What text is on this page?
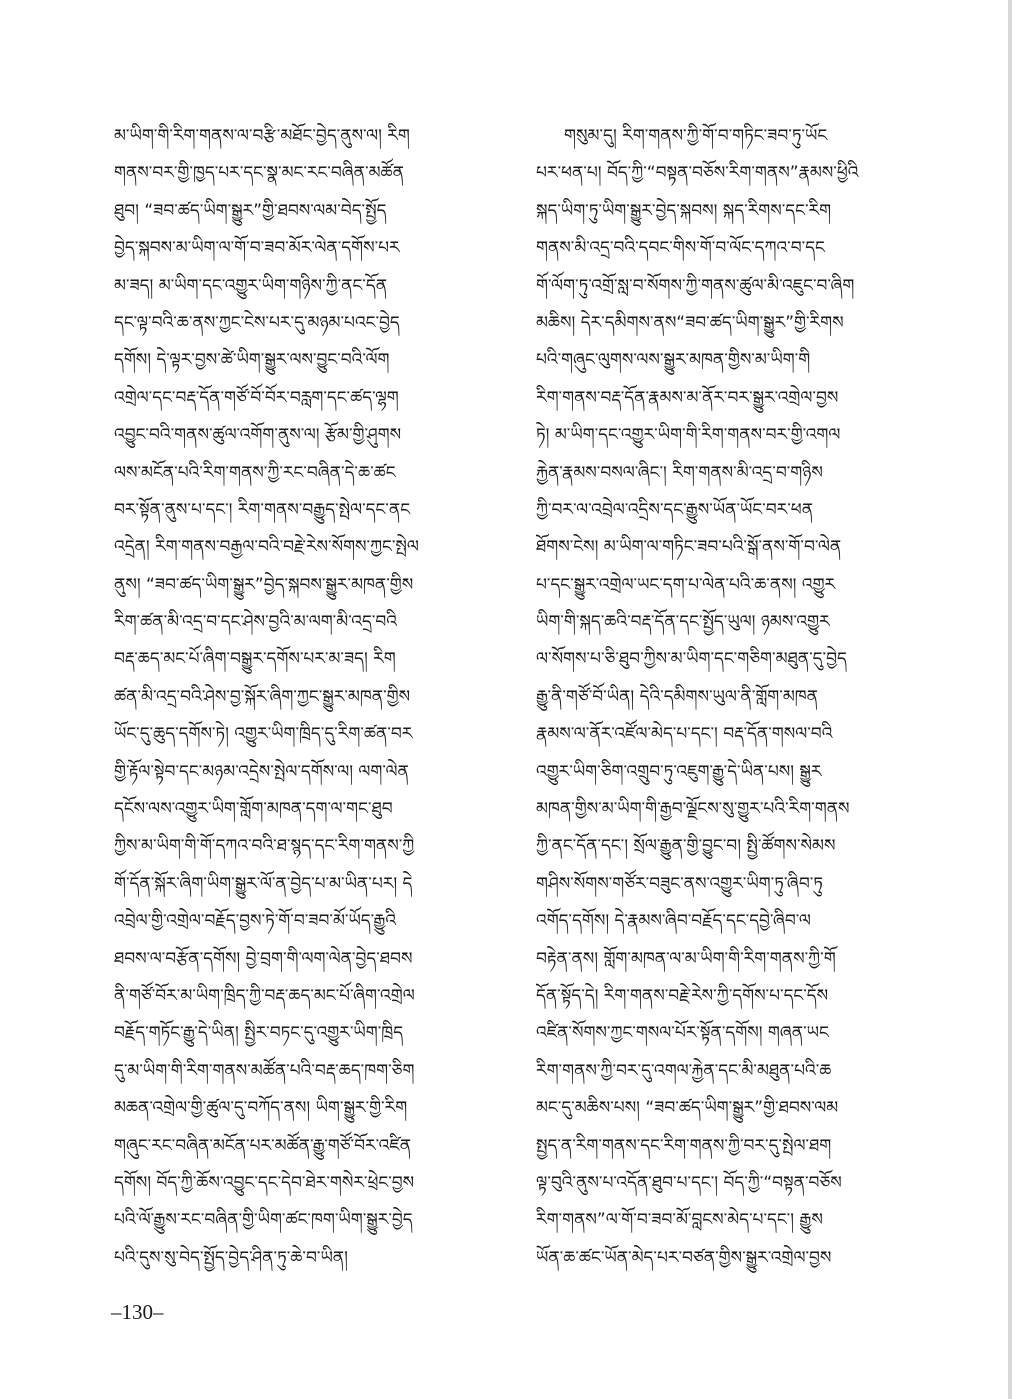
མ་ཡིག་གི་རིག་གནས་ལ་བརྩི་མཐོང་བྱེད་ནུས་ལ། རིག
གནས་བར་གྱི་ཁྱད་པར་དང་སྣ་མང་རང་བཞིན་མཚོན
ཐུབ། “ཟབ་ཚད་ཡིག་སྒྱུར”གྱི་ཐབས་ལམ་བེད་སྤྱོད
བྱེད་སྐབས་མ་ཡིག་ལ་གོ་བ་ཟབ་མོར་ལེན་དགོས་པར
མ་ཟད། མ་ཡིག་དང་འགྱུར་ཡིག་གཉིས་ཀྱི་ནང་དོན
དང་ལྟ་བའི་ཆ་ནས་ཀྱང་ངེས་པར་དུ་མཉམ་པའང་བྱེད
དགོས། དེ་ལྟར་བྱས་ཚེ་ཡིག་སྒྱུར་ལས་བྱུང་བའི་ལོག
འགྲེལ་དང་བརྡ་དོན་གཙོ་བོ་བོར་བརླག་དང་ཚད་ལྷག
འབྱུང་བའི་གནས་ཚུལ་འགོག་ནུས་ལ། རྩོམ་གྱི་ཤུགས
ལས་མངོན་པའི་རིག་གནས་ཀྱི་རང་བཞིན་དེ་ཆ་ཚང
བར་སྟོན་ནུས་པ་དང་། རིག་གནས་བརྒྱུད་སྤེལ་དང་ནང
འདྲེན། རིག་གནས་བརྒྱལ་བའི་བརྗེ་རེས་སོགས་ཀྱང་སྤེལ
ནུས། “ཟབ་ཚད་ཡིག་སྒྱུར”བྱེད་སྐབས་སྒྱུར་མཁན་གྱིས
རིག་ཚན་མི་འདྲ་བ་དང་ཤེས་བྱའི་མ་ལག་མི་འདྲ་བའི
བརྡ་ཆད་མང་པོ་ཞིག་བསྒྱུར་དགོས་པར་མ་ཟད། རིག
ཚན་མི་འདྲ་བའི་ཤེས་བྱ་སྐོར་ཞིག་ཀྱང་སྒྱུར་མཁན་གྱིས
ཡོང་དུ་ཆུད་དགོས་ཏེ། འགྱུར་ཡིག་ཁྲིད་དུ་རིག་ཚན་བར
གྱི་རྟོལ་སྟེབ་དང་མཉམ་འདྲེས་སྤེལ་དགོས་ལ། ལག་ལེན
དངོས་ལས་འགྱུར་ཡིག་གློག་མཁན་དག་ལ་གང་ཐུབ
ཀྱིས་མ་ཡིག་གི་གོ་དཀའ་བའི་ཐ་སྙད་དང་རིག་གནས་ཀྱི
གོ་དོན་སྐོར་ཞིག་ཡིག་སྒྱུར་ལོ་ན་བྱེད་པ་མ་ཡིན་པར། དེ
འབྲེལ་གྱི་འགྲེལ་བརྗོད་བྱས་ཏེ་གོ་བ་ཟབ་མོ་ཡོད་རྒྱུའི
ཐབས་ལ་བརྩོན་དགོས། བྱེ་བྲག་གི་ལག་ལེན་བྱེད་ཐབས
ནི་གཙོ་བོར་མ་ཡིག་ཁྲིད་ཀྱི་བརྡ་ཆད་མང་པོ་ཞིག་འགྲེལ
བརྗོད་གཏོང་རྒྱུ་དེ་ཡིན། སྤྱིར་བཏང་དུ་འགྱུར་ཡིག་ཁྲིད
དུ་མ་ཡིག་གི་རིག་གནས་མཚོན་པའི་བརྡ་ཆད་ཁག་ཅིག
མཆན་འགྲེལ་གྱི་ཚུལ་དུ་བཀོད་ནས། ཡིག་སྒྱུར་གྱི་རིག
གཞུང་རང་བཞིན་མངོན་པར་མཚོན་རྒྱུ་གཙོ་བོར་འཛིན
དགོས། བོད་ཀྱི་ཆོས་འབྱུང་དང་དེབ་ཐེར་གསེར་ཕྲེང་བྱས
པའི་ལོ་རྒྱུས་རང་བཞིན་གྱི་ཡིག་ཚང་ཁག་ཡིག་སྒྱུར་བྱེད
པའི་དུས་སུ་བེད་སྤྱོད་བྱེད་ཤིན་ཏུ་ཆེ་བ་ཡིན།
གསུམ་དུ། རིག་གནས་ཀྱི་གོ་བ་གཏིང་ཟབ་ཏུ་ཡོང
པར་ཕན་པ། བོད་ཀྱི་“བསྟན་བཅོས་རིག་གནས”རྣམས་ཕྱིའི
སྐད་ཡིག་ཏུ་ཡིག་སྒྱུར་བྱེད་སྐབས། སྐད་རིགས་དང་རིག
གནས་མི་འདྲ་བའི་དབང་གིས་གོ་བ་ལོང་དཀའ་བ་དང
གོ་ལོག་ཏུ་འགྲོ་སླ་བ་སོགས་ཀྱི་གནས་ཚུལ་མི་འཇུང་བ་ཞིག
མཆིས། དེར་དམིགས་ནས“ཟབ་ཚད་ཡིག་སྒྱུར”གྱི་རིགས
པའི་གཞུང་ལུགས་ལས་སྒྱུར་མཁན་གྱིས་མ་ཡིག་གི
རིག་གནས་བརྡ་དོན་རྣམས་མ་ནོར་བར་སྒྱུར་འགྲེལ་བྱས
ཏེ། མ་ཡིག་དང་འགྱུར་ཡིག་གི་རིག་གནས་བར་གྱི་འགལ
རྐྱེན་རྣམས་བསལ་ཞིང་། རིག་གནས་མི་འདྲ་བ་གཉིས
ཀྱི་བར་ལ་འབྲེལ་འདྲིས་དང་རྒྱུས་ཡོན་ཡོང་བར་ཕན
ཐོགས་ངེས། མ་ཡིག་ལ་གཏིང་ཟབ་པའི་སྒོ་ནས་གོ་བ་ལེན
པ་དང་སྒྱུར་འགྲེལ་ཡང་དག་པ་ལེན་པའི་ཆ་ནས། འགྱུར
ཡིག་གི་སྐད་ཆའི་བརྡ་དོན་དང་སྤྱོད་ཡུལ། ཉམས་འགྱུར
ལ་སོགས་པ་ཅི་ཐུབ་ཀྱིས་མ་ཡིག་དང་གཅིག་མཐུན་དུ་བྱེད
རྒྱུ་ནི་གཙོ་བོ་ཡིན། དེའི་དམིགས་ཡུལ་ནི་གློག་མཁན
རྣམས་ལ་ནོར་འཛོལ་མེད་པ་དང་། བརྡ་དོན་གསལ་བའི
འགྱུར་ཡིག་ཅིག་འགྲུབ་ཏུ་འཇུག་རྒྱུ་དེ་ཡིན་པས། སྒྱུར
མཁན་གྱིས་མ་ཡིག་གི་རྒྱབ་ལྗོངས་སུ་གྱུར་པའི་རིག་གནས
ཀྱི་ནང་དོན་དང་། སྲོལ་རྒྱུན་གྱི་བྱུང་བ། སྤྱི་ཚོགས་སེམས
གཤིས་སོགས་གཙོར་བཟུང་ནས་འགྱུར་ཡིག་ཏུ་ཞིབ་ཏུ
འགོད་དགོས། དེ་རྣམས་ཞིབ་བརྗོད་དང་དབྱེ་ཞིབ་ལ
བརྟེན་ནས། གློག་མཁན་ལ་མ་ཡིག་གི་རིག་གནས་ཀྱི་གོ
དོན་སྟོད་དེ། རིག་གནས་བརྗེ་རེས་ཀྱི་དགོས་པ་དང་དོས
འཛིན་སོགས་ཀྱང་གསལ་པོར་སྟོན་དགོས། གཞན་ཡང
རིག་གནས་ཀྱི་བར་དུ་འགལ་རྐྱེན་དང་མི་མཐུན་པའི་ཆ
མང་དུ་མཆིས་པས། “ཟབ་ཚད་ཡིག་སྒྱུར”གྱི་ཐབས་ལམ
སྤྱད་ན་རིག་གནས་དང་རིག་གནས་ཀྱི་བར་དུ་སྤེལ་ཐག
ལྟ་བུའི་ནུས་པ་འདོན་ཐུབ་པ་དང་། བོད་ཀྱི་“བསྟན་བཅོས
རིག་གནས”ལ་གོ་བ་ཟབ་མོ་བླངས་མེད་པ་དང་། རྒྱུས
ཡོན་ཆ་ཚང་ཡོན་མེད་པར་བཙན་གྱིས་སྒྱུར་འགྲེལ་བྱས
–130–
